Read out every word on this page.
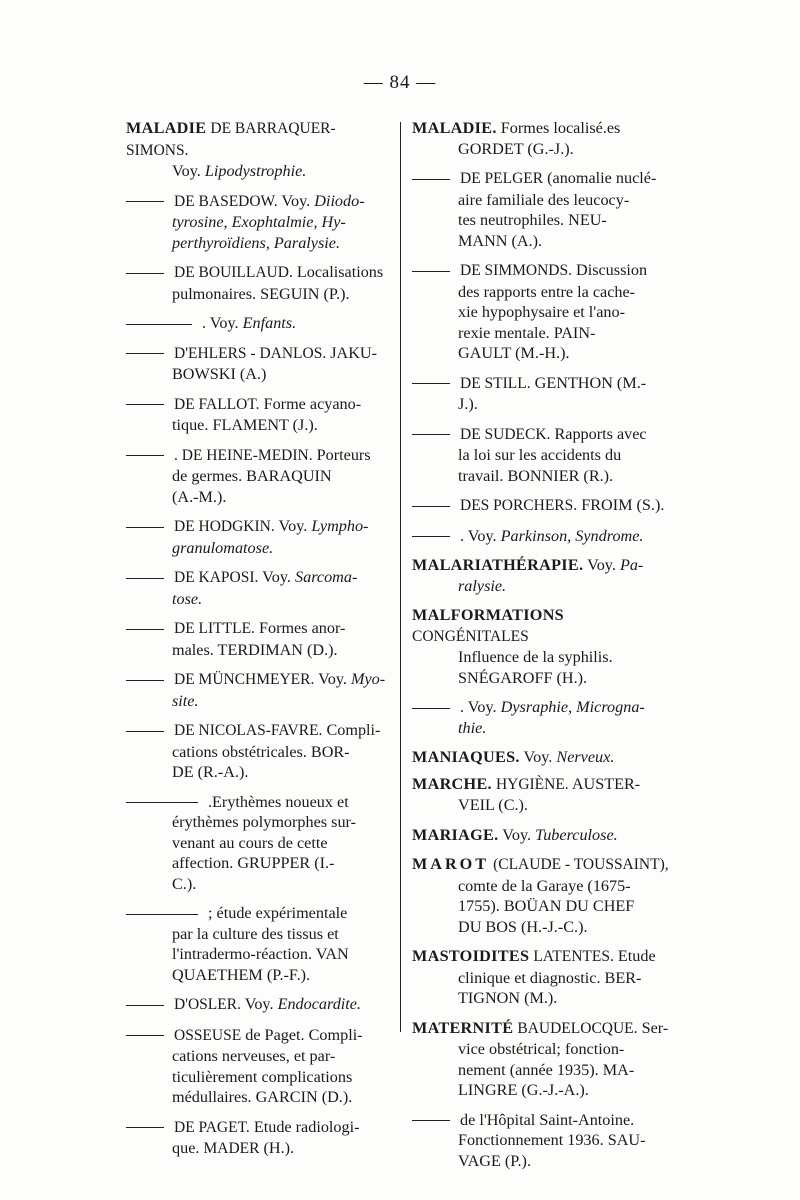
— 84 —
MALADIE DE BARRAQUER-SIMONS.
Voy. Lipodystrophie.
DE BASEDOW. Voy. Diiodo-
tyrosine, Exophtalmie, Hy-
perthyroïdiens, Paralysie.
DE BOUILLAUD. Localisations
pulmonaires. SEGUIN (P.).
. Voy. Enfants.
D'EHLERS - DANLOS. JAKU-
BOWSKI (A.)
DE FALLOT. Forme acyano-
tique. FLAMENT (J.).
. DE HEINE-MEDIN. Porteurs
de germes. BARAQUIN
(A.-M.).
DE HODGKIN. Voy. Lympho-
granulomatose.
DE KAPOSI. Voy. Sarcoma-
tose.
DE LITTLE. Formes anor-
males. TERDIMAN (D.).
DE MÜNCHMEYER. Voy. Myo-
site.
DE NICOLAS-FAVRE. Compli-
cations obstétricales. BOR-
DE (R.-A.).
.Erythèmes noueux et
érythèmes polymorphes sur-
venant au cours de cette
affection. GRUPPER (I.-
C.).
; étude expérimentale
par la culture des tissus et
l'intradermo-réaction. VAN
QUAETHEM (P.-F.).
D'OSLER. Voy. Endocardite.
OSSEUSE de Paget. Compli-
cations nerveuses, et par-
ticulièrement complications
médullaires. GARCIN (D.).
DE PAGET. Etude radiologi-
que. MADER (H.).
MALADIE. Formes localisé.es
GORDET (G.-J.).
DE PELGER (anomalie nuclé-
aire familiale des leucocy-
tes neutrophiles. NEU-
MANN (A.).
DE SIMMONDS. Discussion
des rapports entre la cache-
xie hypophysaire et l'ano-
rexie mentale. PAIN-
GAULT (M.-H.).
DE STILL. GENTHON (M.-
J.).
DE SUDECK. Rapports avec
la loi sur les accidents du
travail. BONNIER (R.).
DES PORCHERS. FROIM (S.).
. Voy. Parkinson, Syndrome.
MALARIATHÉRAPIE. Voy. Pa-
ralysie.
MALFORMATIONS CONGÉNITALES
Influence de la syphilis.
SNÉGAROFF (H.).
. Voy. Dysraphie, Micrognа-
thie.
MANIAQUES. Voy. Nerveux.
MARCHE. HYGIÈNE. AUSTER-
VEIL (C.).
MARIAGE. Voy. Tuberculose.
MAROT (CLAUDE - TOUSSAINT),
comte de la Garaye (1675-
1755). BOÜAN DU CHEF
DU BOS (H.-J.-C.).
MASTOIDITES LATENTES. Etude
clinique et diagnostic. BER-
TIGNON (M.).
MATERNITÉ BAUDELOCQUE. Ser-
vice obstétrical; fonction-
nement (année 1935). MA-
LINGRE (G.-J.-A.).
de l'Hôpital Saint-Antoine.
Fonctionnement 1936. SAU-
VAGE (P.).
